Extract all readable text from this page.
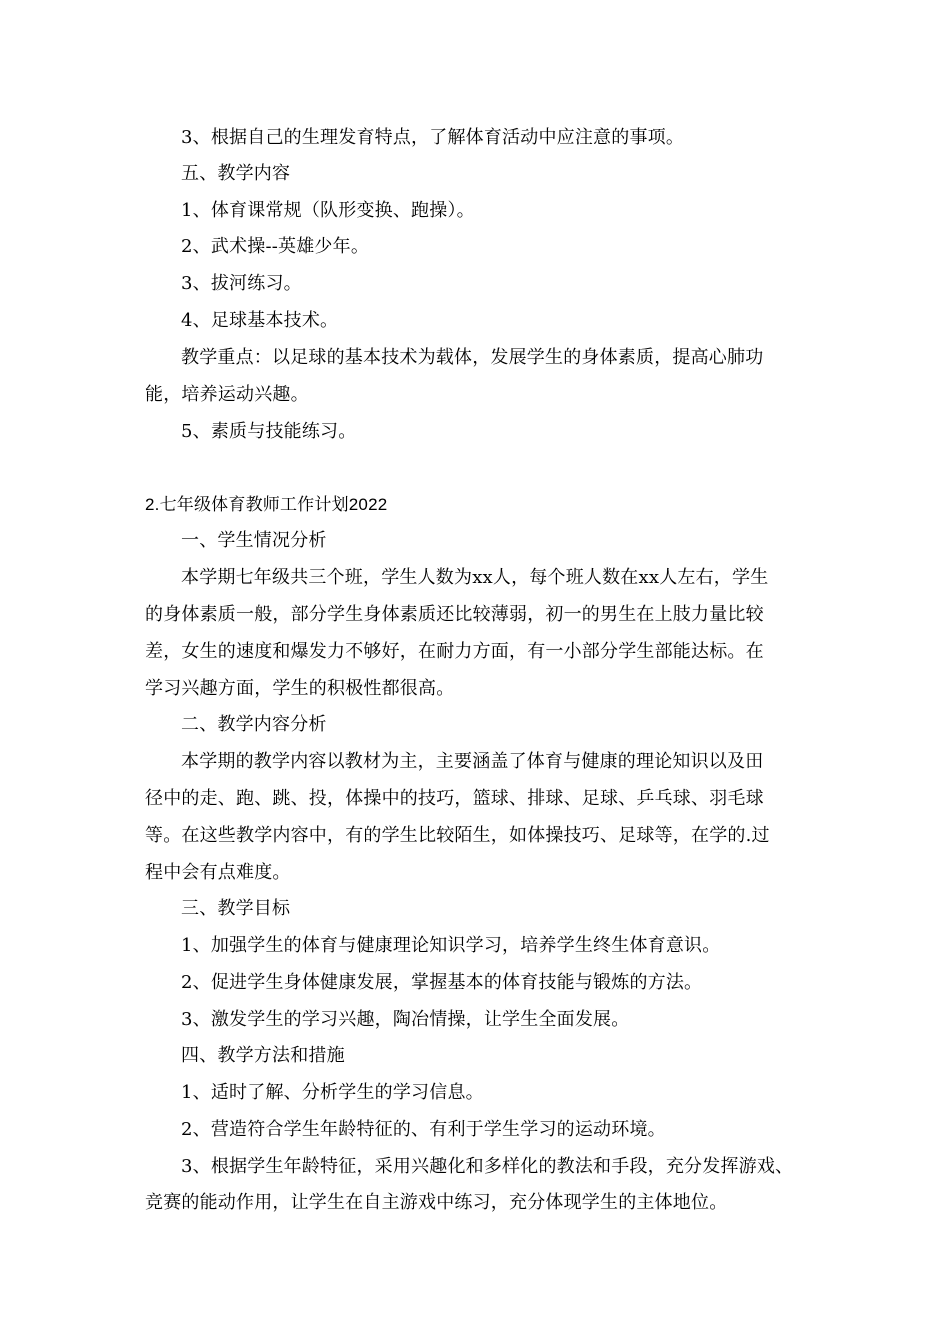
3、根据自己的生理发育特点，了解体育活动中应注意的事项。
五、教学内容
1、体育课常规（队形变换、跑操）。
2、武术操--英雄少年。
3、拔河练习。
4、足球基本技术。
教学重点：以足球的基本技术为载体，发展学生的身体素质，提高心肺功
能，培养运动兴趣。
5、素质与技能练习。
2.七年级体育教师工作计划2022
一、学生情况分析
本学期七年级共三个班，学生人数为xx人，每个班人数在xx人左右，学生
的身体素质一般，部分学生身体素质还比较薄弱，初一的男生在上肢力量比较
差，女生的速度和爆发力不够好，在耐力方面，有一小部分学生部能达标。在
学习兴趣方面，学生的积极性都很高。
二、教学内容分析
本学期的教学内容以教材为主，主要涵盖了体育与健康的理论知识以及田
径中的走、跑、跳、投，体操中的技巧，篮球、排球、足球、乒乓球、羽毛球
等。在这些教学内容中，有的学生比较陌生，如体操技巧、足球等，在学的.过
程中会有点难度。
三、教学目标
1、加强学生的体育与健康理论知识学习，培养学生终生体育意识。
2、促进学生身体健康发展，掌握基本的体育技能与锻炼的方法。
3、激发学生的学习兴趣，陶冶情操，让学生全面发展。
四、教学方法和措施
1、适时了解、分析学生的学习信息。
2、营造符合学生年龄特征的、有利于学生学习的运动环境。
3、根据学生年龄特征，采用兴趣化和多样化的教法和手段，充分发挥游戏、
竞赛的能动作用，让学生在自主游戏中练习，充分体现学生的主体地位。
